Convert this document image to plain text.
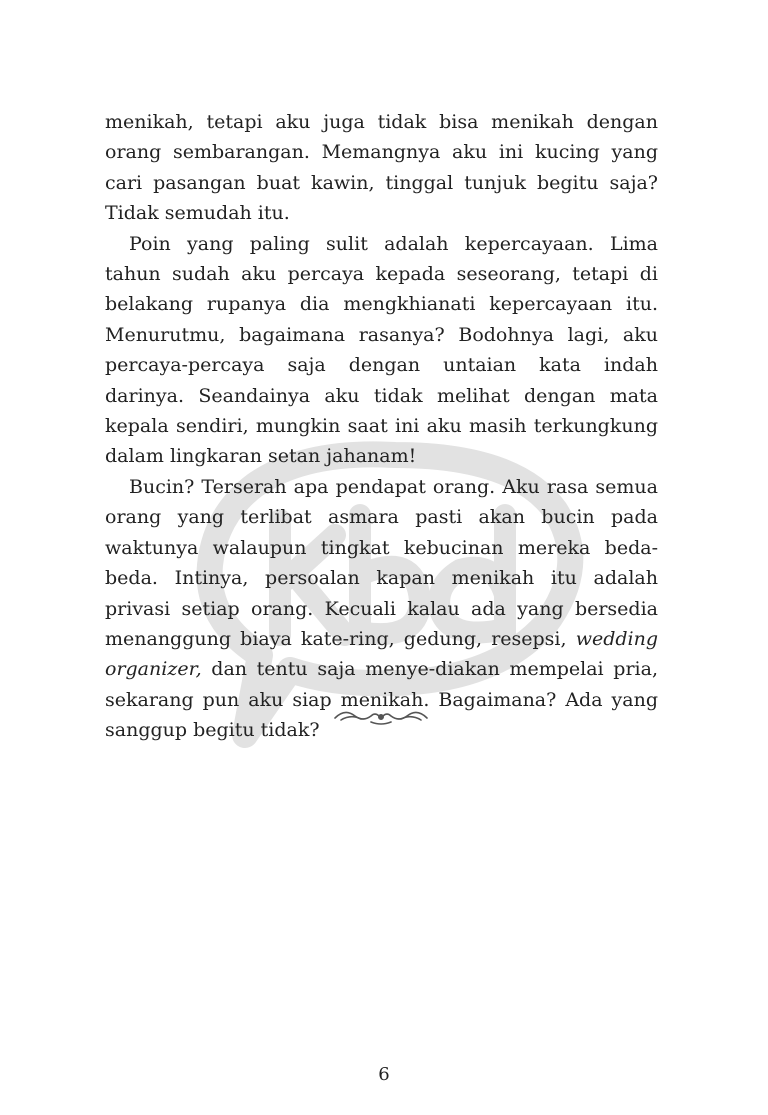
menikah, tetapi aku juga tidak bisa menikah dengan orang sembarangan. Memangnya aku ini kucing yang cari pasangan buat kawin, tinggal tunjuk begitu saja? Tidak semudah itu.

Poin yang paling sulit adalah kepercayaan. Lima tahun sudah aku percaya kepada seseorang, tetapi di belakang rupanya dia mengkhianati kepercayaan itu. Menurutmu, bagaimana rasanya? Bodohnya lagi, aku percaya-percaya saja dengan untaian kata indah darinya. Seandainya aku tidak melihat dengan mata kepala sendiri, mungkin saat ini aku masih terkungkung dalam lingkaran setan jahanam!

Bucin? Terserah apa pendapat orang. Aku rasa semua orang yang terlibat asmara pasti akan bucin pada waktunya walaupun tingkat kebucinan mereka beda-beda. Intinya, persoalan kapan menikah itu adalah privasi setiap orang. Kecuali kalau ada yang bersedia menanggung biaya kate-ring, gedung, resepsi, wedding organizer, dan tentu saja menye-diakan mempelai pria, sekarang pun aku siap menikah. Bagaimana? Ada yang sanggup begitu tidak?

6
